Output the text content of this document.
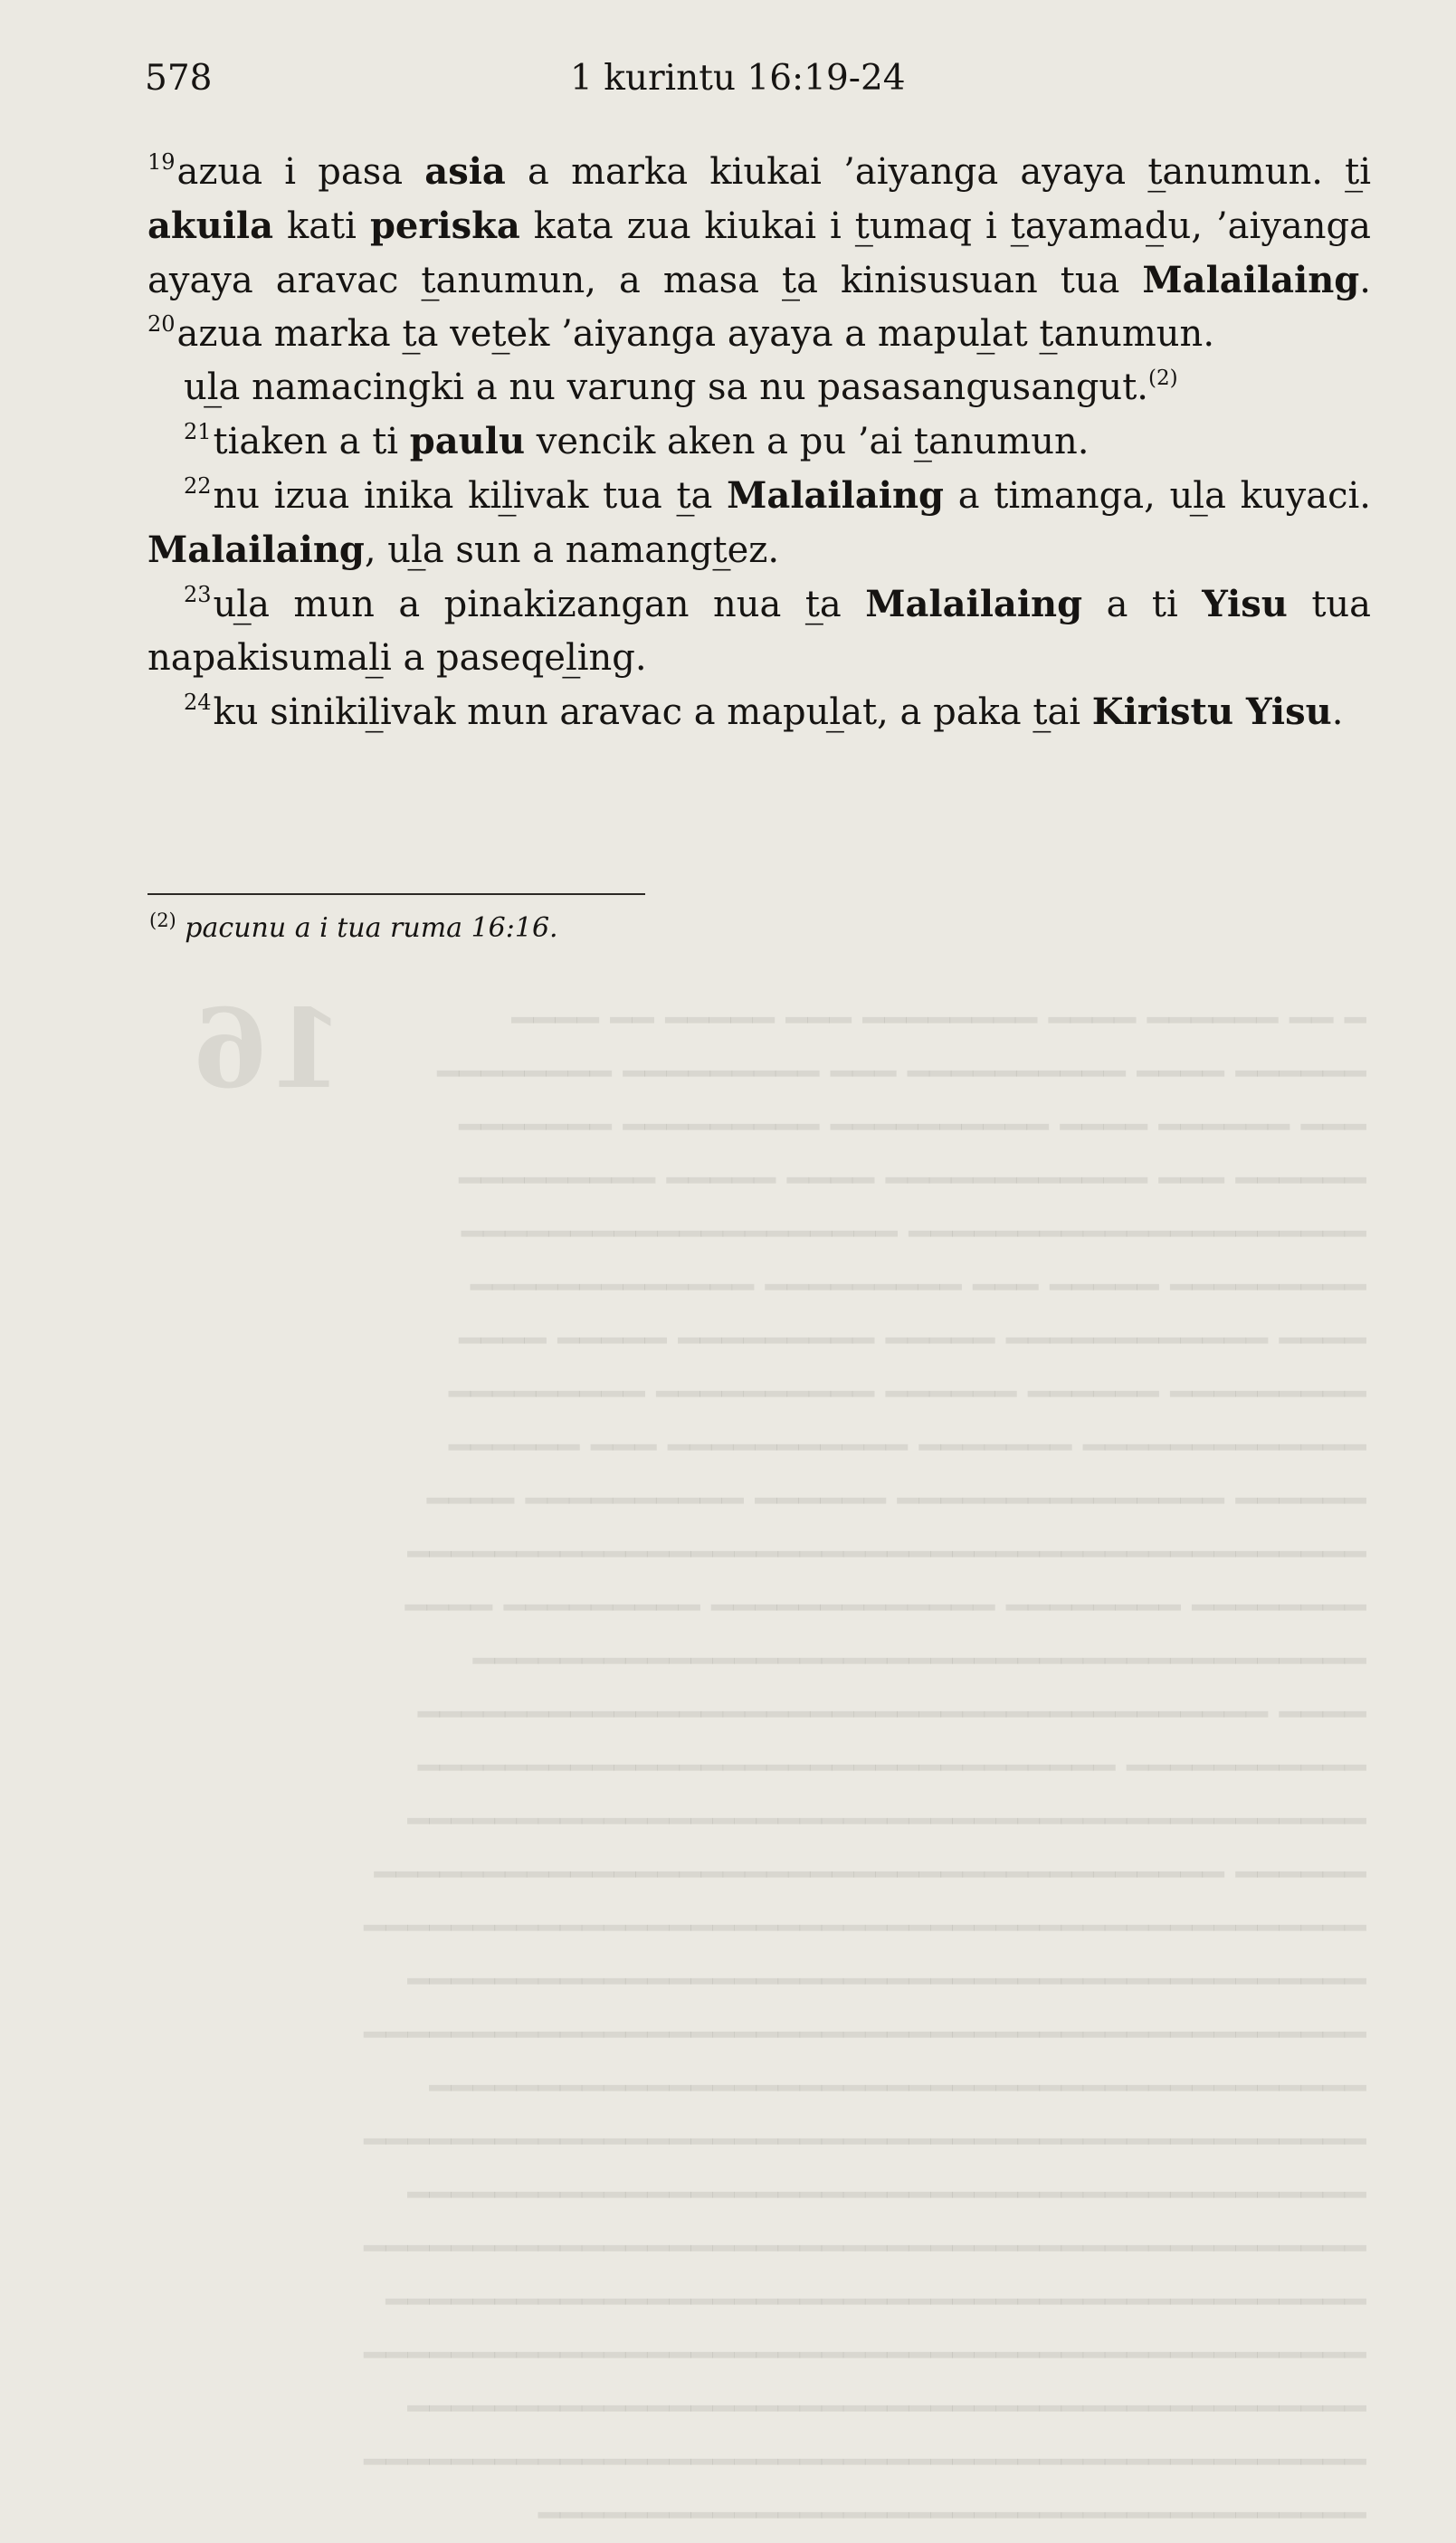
━ ━━ ━━━━━━ ━━━━ ━━━━━━━━ ━━━ ━━━━━ ━━ ━━━━
━━━━━━ ━━━━ ━━━━━━━━━━ ━━━ ━━━━━━━━━ ━━━━━━━━
━━━ ━━━━━━ ━━━━ ━━━━━━━━━━ ━━━━━━━━━ ━━━━━━━
━━━━━━ ━━━ ━━━━━━━━━━━━ ━━━━ ━━━━━ ━━━━━━━━━
━━━━━━━━━━━━━━━━━━━━━ ━━━━━━━━━━━━━━━━━━━━
━━━━━━━━━ ━━━━━ ━━━ ━━━━━━━━━ ━━━━━━━━━━━━━
━━━━ ━━━━━━━━━━━━ ━━━━━ ━━━━━━━━━ ━━━━━ ━━━━
━━━━━━━━━ ━━━━━━ ━━━━━━ ━━━━━━━━━━ ━━━━━━━━━
━━━━━━━━━━━━━ ━━━━━━━ ━━━━━━━━━━━ ━━━ ━━━━━━
━━━━━━ ━━━━━━━━━━━━━━━ ━━━━━━ ━━━━━━━━━━ ━━━━
━━━━━━━━━━━━━━━━━━━━━━━━━━━━━━━━━━━━━━━━━━━━
━━━━━━━━ ━━━━━━━━ ━━━━━━━━━━━━━ ━━━━━━━━━ ━━━━
━━━━━━━━━━━━━━━━━━━━━━━━━━━━━━━━━━━━━━━━━
━━━━ ━━━━━━━━━━━━━━━━━━━━━━━━━━━━━━━━━━━━━━━
━━━━━━━━━━━ ━━━━━━━━━━━━━━━━━━━━━━━━━━━━━━━━
━━━━━━━━━━━━━━━━━━━━━━━━━━━━━━━━━━━━━━━━━━━━
━━━━━━ ━━━━━━━━━━━━━━━━━━━━━━━━━━━━━━━━━━━━━━━
━━━━━━━━━━━━━━━━━━━━━━━━━━━━━━━━━━━━━━━━━━━━━━
━━━━━━━━━━━━━━━━━━━━━━━━━━━━━━━━━━━━━━━━━━━━
━━━━━━━━━━━━━━━━━━━━━━━━━━━━━━━━━━━━━━━━━━━━━━
━━━━━━━━━━━━━━━━━━━━━━━━━━━━━━━━━━━━━━━━━━━
━━━━━━━━━━━━━━━━━━━━━━━━━━━━━━━━━━━━━━━━━━━━━━
━━━━━━━━━━━━━━━━━━━━━━━━━━━━━━━━━━━━━━━━━━━━
━━━━━━━━━━━━━━━━━━━━━━━━━━━━━━━━━━━━━━━━━━━━━━
━━━━━━━━━━━━━━━━━━━━━━━━━━━━━━━━━━━━━━━━━━━━━
━━━━━━━━━━━━━━━━━━━━━━━━━━━━━━━━━━━━━━━━━━━━━━
━━━━━━━━━━━━━━━━━━━━━━━━━━━━━━━━━━━━━━━━━━━━
━━━━━━━━━━━━━━━━━━━━━━━━━━━━━━━━━━━━━━━━━━━━━━
━━━━━━━━━━━━━━━━━━━━━━━━━━━━━━━━━━━━━━
16
578	1 kurintu 16:19-24

$^{19}$azua i pasa asia a marka kiukai ’aiyanga ayaya t̲anumun. t̲i akuila kati periska kata zua kiukai i t̲umaq i t̲ayamad̲u, ’aiyanga ayaya aravac t̲anumun, a masa t̲a kinisusuan tua Malailaing. $^{20}$azua marka t̲a vet̲ek ’aiyanga ayaya a mapul̲at t̲anumun.

ul̲a namacingki a nu varung sa nu pasasangusangut.$^{(2)}$

$^{21}$tiaken a ti paulu vencik aken a pu ’ai t̲anumun.

$^{22}$nu izua inika kil̲ivak tua t̲a Malailaing a timanga, ul̲a kuyaci. Malailaing, ul̲a sun a namangt̲ez.

$^{23}$ul̲a mun a pinakizangan nua t̲a Malailaing a ti Yisu tua napakisumal̲i a paseqel̲ing.

$^{24}$ku sinikil̲ivak mun aravac a mapul̲at, a paka t̲ai Kiristu Yisu.

$^{(2)}$ pacunu a i tua ruma 16:16.
